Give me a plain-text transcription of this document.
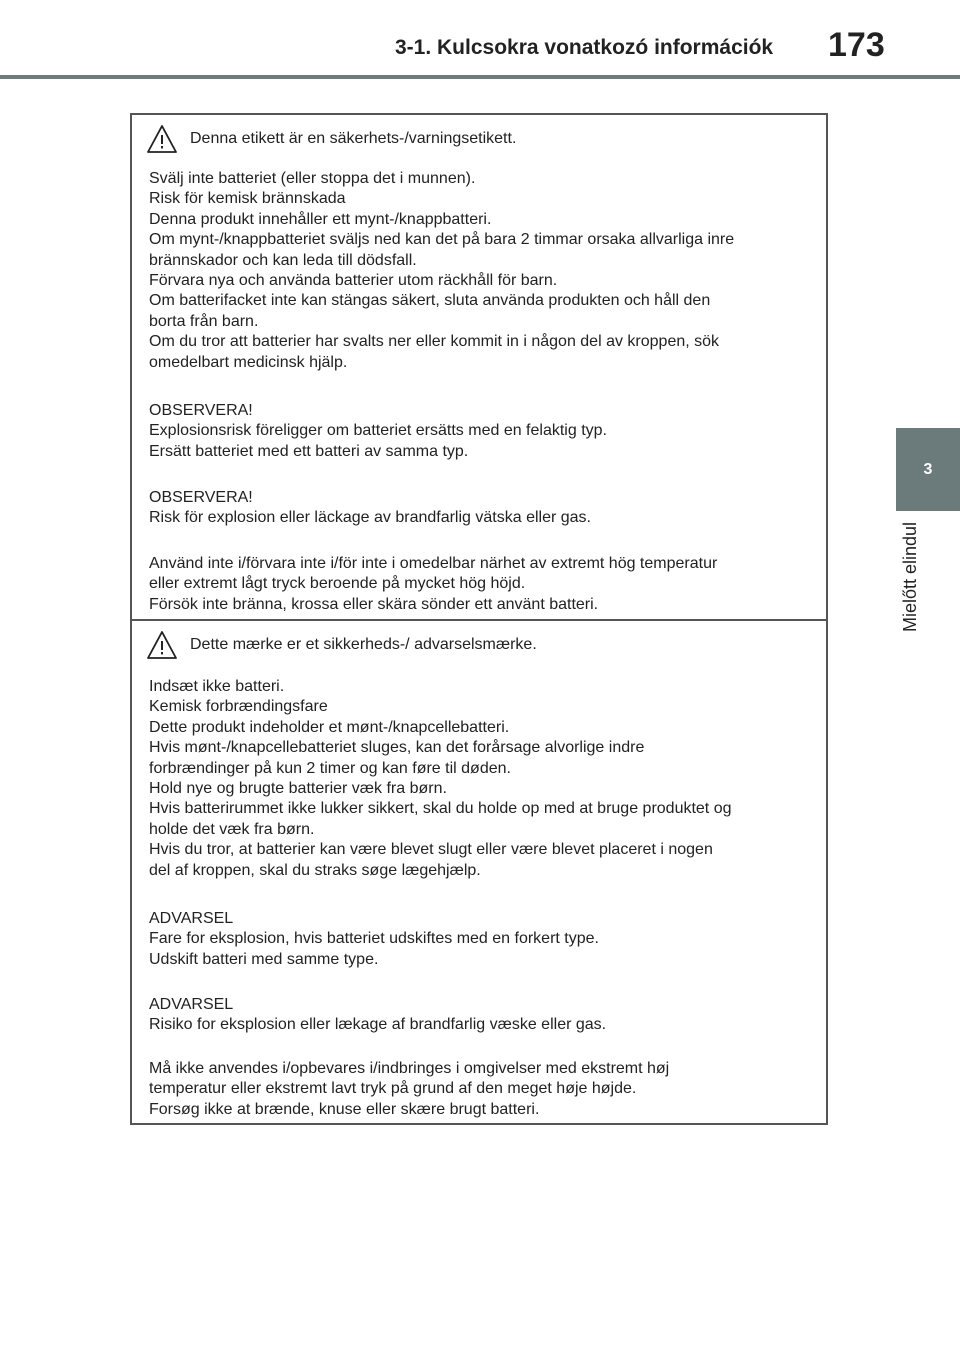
3-1. Kulcsokra vonatkozó információk 173
3
Mielőtt elindul
Denna etikett är en säkerhets-/varningsetikett.
Svälj inte batteriet (eller stoppa det i munnen).
Risk för kemisk brännskada
Denna produkt innehåller ett mynt-/knappbatteri.
Om mynt-/knappbatteriet sväljs ned kan det på bara 2 timmar orsaka allvarliga inre
brännskador och kan leda till dödsfall.
Förvara nya och använda batterier utom räckhåll för barn.
Om batterifacket inte kan stängas säkert, sluta använda produkten och håll den
borta från barn.
Om du tror att batterier har svalts ner eller kommit in i någon del av kroppen, sök
omedelbart medicinsk hjälp.
OBSERVERA!
Explosionsrisk föreligger om batteriet ersätts med en felaktig typ.
Ersätt batteriet med ett batteri av samma typ.
OBSERVERA!
Risk för explosion eller läckage av brandfarlig vätska eller gas.
Använd inte i/förvara inte i/för inte i omedelbar närhet av extremt hög temperatur
eller extremt lågt tryck beroende på mycket hög höjd.
Försök inte bränna, krossa eller skära sönder ett använt batteri.
Dette mærke er et sikkerheds-/ advarselsmærke.
Indsæt ikke batteri.
Kemisk forbrændingsfare
Dette produkt indeholder et mønt-/knapcellebatteri.
Hvis mønt-/knapcellebatteriet sluges, kan det forårsage alvorlige indre
forbrændinger på kun 2 timer og kan føre til døden.
Hold nye og brugte batterier væk fra børn.
Hvis batterirummet ikke lukker sikkert, skal du holde op med at bruge produktet og
holde det væk fra børn.
Hvis du tror, at batterier kan være blevet slugt eller være blevet placeret i nogen
del af kroppen, skal du straks søge lægehjælp.
ADVARSEL
Fare for eksplosion, hvis batteriet udskiftes med en forkert type.
Udskift batteri med samme type.
ADVARSEL
Risiko for eksplosion eller lækage af brandfarlig væske eller gas.
Må ikke anvendes i/opbevares i/indbringes i omgivelser med ekstremt høj
temperatur eller ekstremt lavt tryk på grund af den meget høje højde.
Forsøg ikke at brænde, knuse eller skære brugt batteri.
